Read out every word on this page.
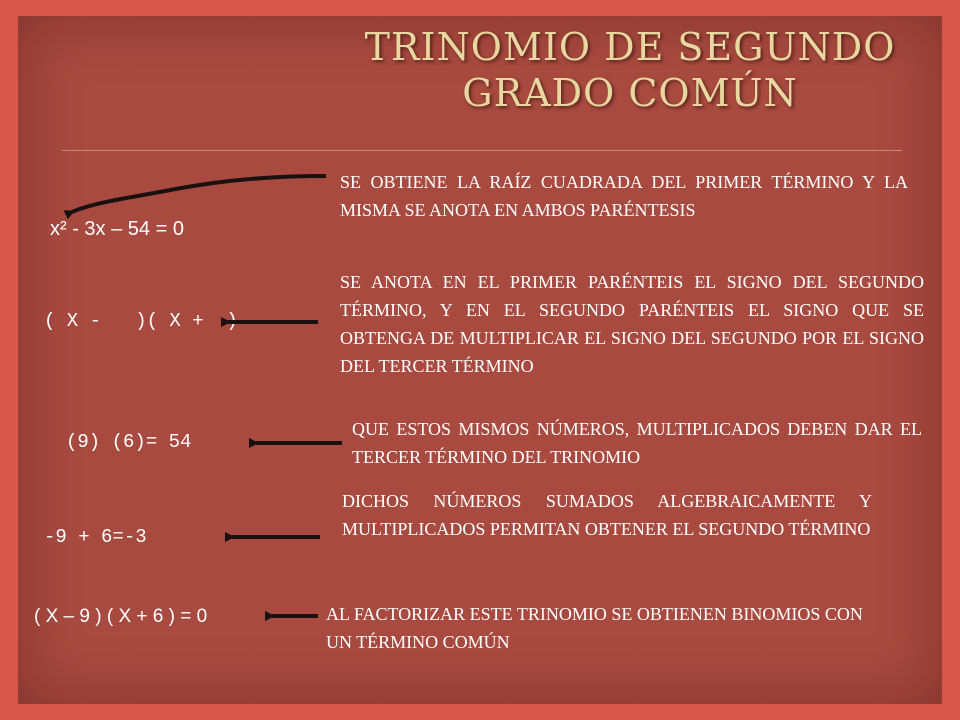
TRINOMIO DE SEGUNDO GRADO COMÚN
x² - 3x – 54 = 0
SE OBTIENE LA RAÍZ CUADRADA DEL PRIMER TÉRMINO Y LA MISMA SE ANOTA EN AMBOS PARÉNTESIS
( X -   )( X +  )
SE ANOTA EN EL PRIMER PARÉNTEIS EL SIGNO DEL SEGUNDO TÉRMINO, Y EN EL SEGUNDO PARÉNTEIS EL SIGNO QUE SE OBTENGA DE MULTIPLICAR EL SIGNO DEL SEGUNDO POR EL SIGNO DEL TERCER TÉRMINO
(9) (6)= 54
QUE ESTOS MISMOS NÚMEROS, MULTIPLICADOS DEBEN DAR EL TERCER TÉRMINO DEL TRINOMIO
-9 + 6=-3
DICHOS NÚMEROS SUMADOS ALGEBRAICAMENTE Y MULTIPLICADOS PERMITAN OBTENER EL SEGUNDO TÉRMINO
( X – 9 ) ( X + 6 ) = 0	AL FACTORIZAR ESTE TRINOMIO SE OBTIENEN BINOMIOS CON UN TÉRMINO COMÚN
